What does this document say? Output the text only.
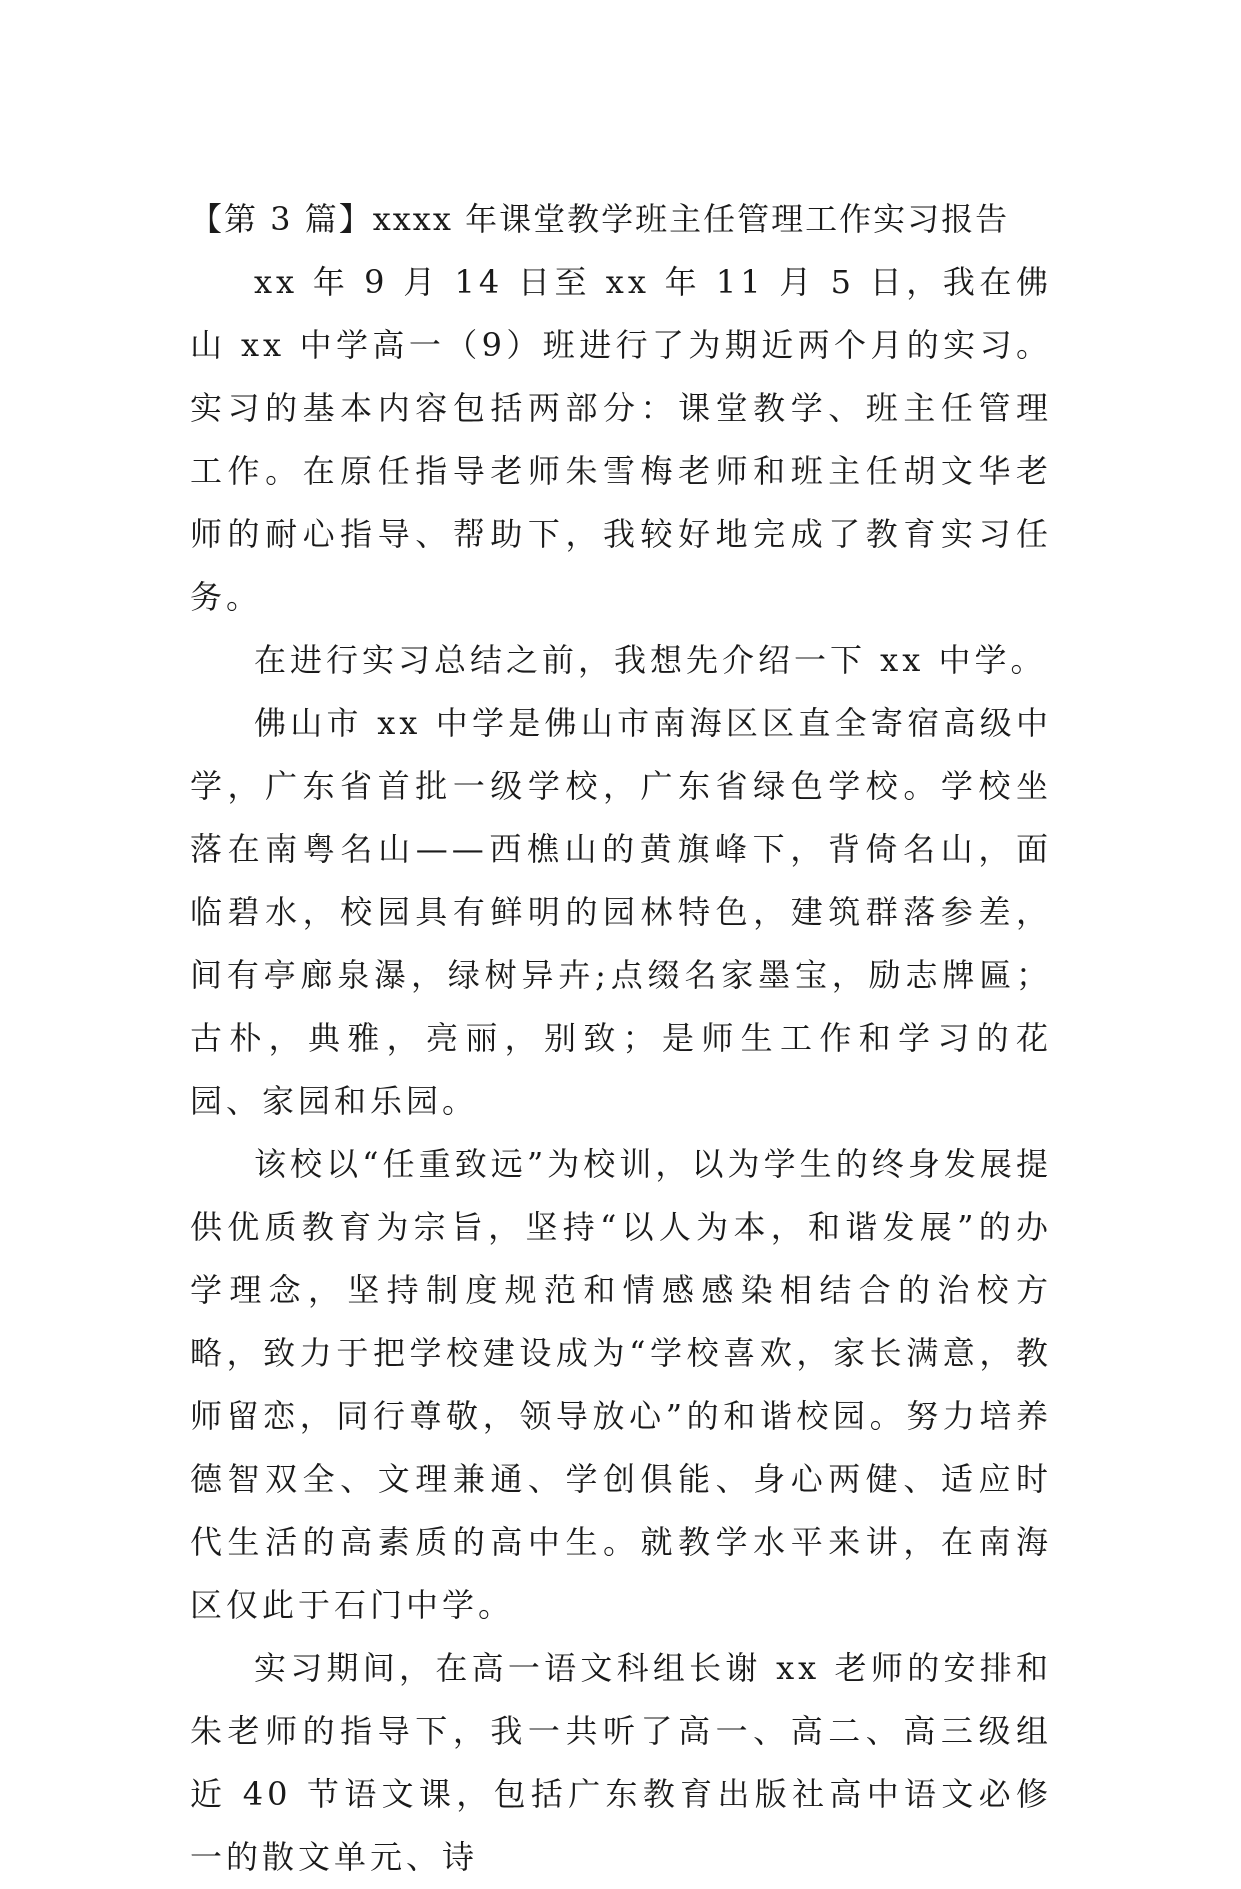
【第 3 篇】xxxx 年课堂教学班主任管理工作实习报告

xx 年 9 月 14 日至 xx 年 11 月 5 日，我在佛山 xx 中学高一（9）班进行了为期近两个月的实习。实习的基本内容包括两部分：课堂教学、班主任管理工作。在原任指导老师朱雪梅老师和班主任胡文华老师的耐心指导、帮助下，我较好地完成了教育实习任务。

在进行实习总结之前，我想先介绍一下 xx 中学。

佛山市 xx 中学是佛山市南海区区直全寄宿高级中学，广东省首批一级学校，广东省绿色学校。学校坐落在南粤名山——西樵山的黄旗峰下，背倚名山，面临碧水，校园具有鲜明的园林特色，建筑群落参差，间有亭廊泉瀑，绿树异卉;点缀名家墨宝，励志牌匾；古朴，典雅，亮丽，别致；是师生工作和学习的花园、家园和乐园。

该校以“任重致远”为校训，以为学生的终身发展提供优质教育为宗旨，坚持“以人为本，和谐发展”的办学理念，坚持制度规范和情感感染相结合的治校方略，致力于把学校建设成为“学校喜欢，家长满意，教师留恋，同行尊敬，领导放心”的和谐校园。努力培养德智双全、文理兼通、学创俱能、身心两健、适应时代生活的高素质的高中生。就教学水平来讲，在南海区仅此于石门中学。

实习期间，在高一语文科组长谢 xx 老师的安排和朱老师的指导下，我一共听了高一、高二、高三级组近 40 节语文课，包括广东教育出版社高中语文必修一的散文单元、诗
